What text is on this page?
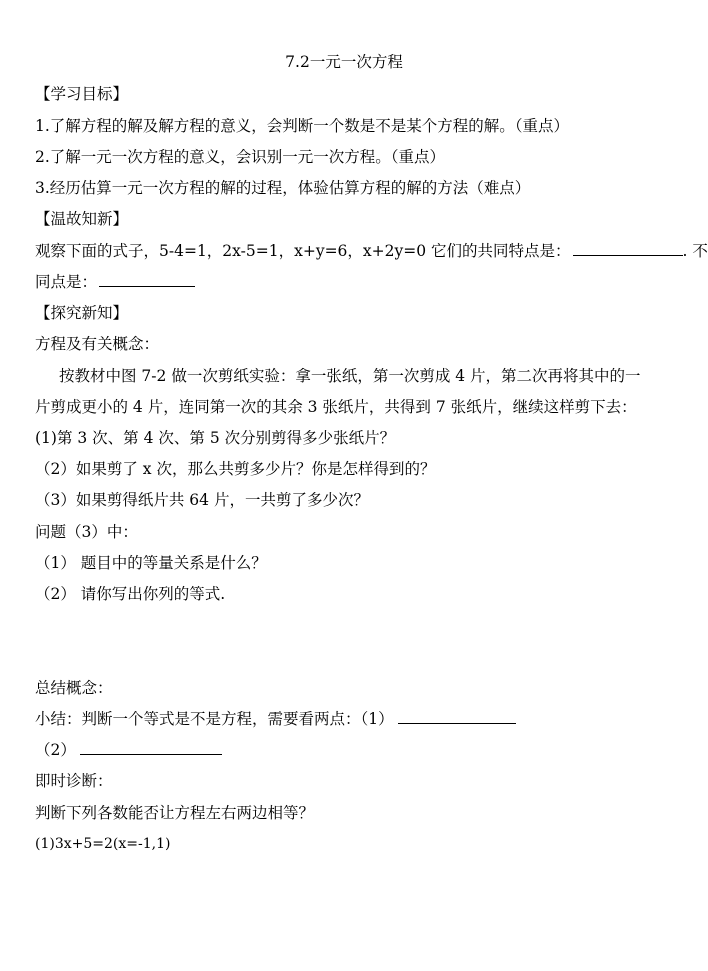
7.2一元一次方程
【学习目标】
1.了解方程的解及解方程的意义，会判断一个数是不是某个方程的解。（重点）
2.了解一元一次方程的意义，会识别一元一次方程。（重点）
3.经历估算一元一次方程的解的过程，体验估算方程的解的方法（难点）
【温故知新】
观察下面的式子，5-4=1，2x-5=1，x+y=6，x+2y=0 它们的共同特点是：	. 不
同点是：
【探究新知】
方程及有关概念：
按教材中图 7-2 做一次剪纸实验：拿一张纸，第一次剪成 4 片，第二次再将其中的一
片剪成更小的 4 片，连同第一次的其余 3 张纸片，共得到 7 张纸片，继续这样剪下去：
(1)第 3 次、第 4 次、第 5 次分别剪得多少张纸片？
（2）如果剪了 x 次，那么共剪多少片？你是怎样得到的？
（3）如果剪得纸片共 64 片，一共剪了多少次？
问题（3）中：
（1） 题目中的等量关系是什么？
（2） 请你写出你列的等式.
总结概念：
小结：判断一个等式是不是方程，需要看两点：（1）
（2）
即时诊断：
判断下列各数能否让方程左右两边相等？
(1)3x+5=2(x=-1,1)
